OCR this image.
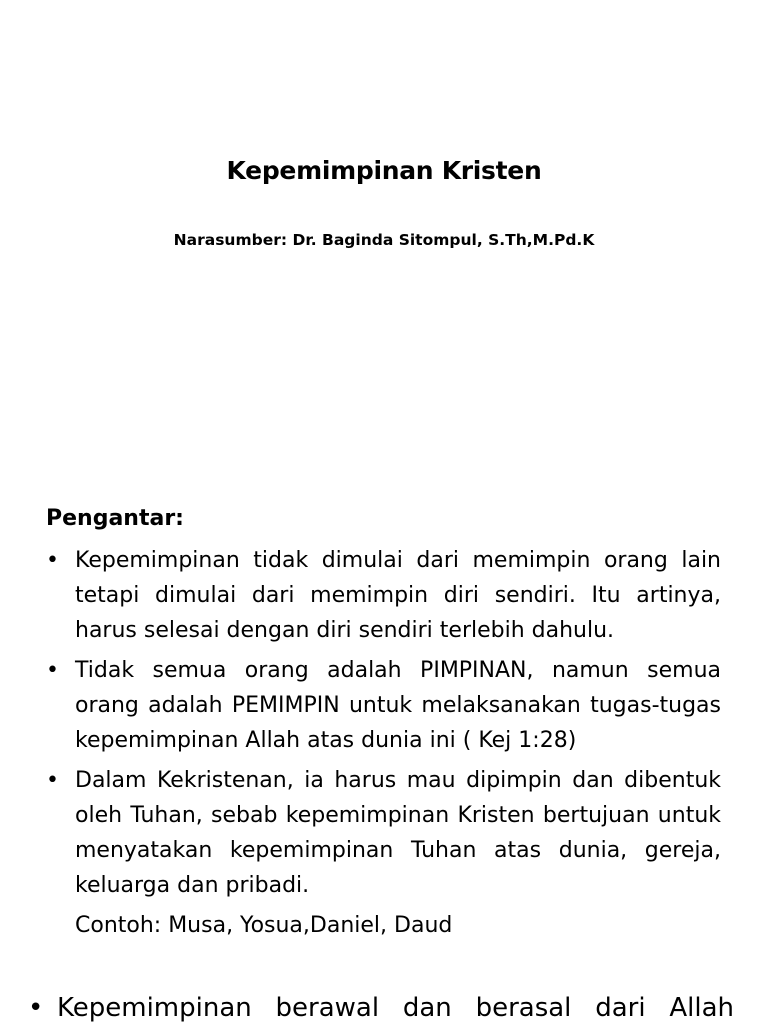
Kepemimpinan Kristen
Narasumber: Dr. Baginda Sitompul, S.Th,M.Pd.K
Pengantar:
• Kepemimpinan tidak dimulai dari memimpin orang lain tetapi dimulai dari memimpin diri sendiri. Itu artinya, harus selesai dengan diri sendiri terlebih dahulu.
• Tidak semua orang adalah PIMPINAN, namun semua orang adalah PEMIMPIN untuk melaksanakan tugas-tugas kepemimpinan Allah atas dunia ini ( Kej 1:28)
• Dalam Kekristenan, ia harus mau dipimpin dan dibentuk oleh Tuhan, sebab kepemimpinan Kristen bertujuan untuk menyatakan kepemimpinan Tuhan atas dunia, gereja, keluarga dan pribadi.
Contoh: Musa, Yosua,Daniel, Daud
• Kepemimpinan berawal dan berasal dari Allah
